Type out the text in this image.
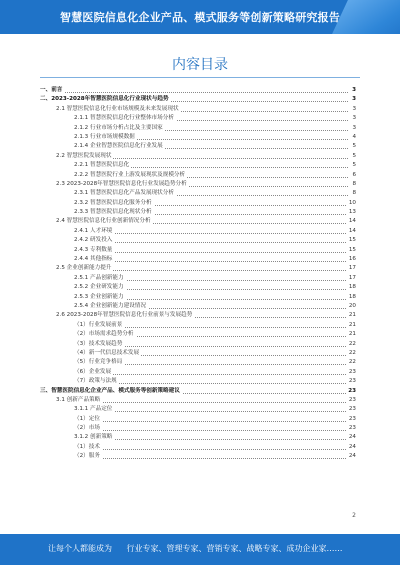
智慧医院信息化企业产品、模式服务等创新策略研究报告
内容目录
一、前言	3
二、2023-2028年智慧医院信息化行业现状与趋势	3
2.1 智慧医院信息化行业市场规模及未来发展现状	3
2.1.1 智慧医院信息化行业整体市场分析	3
2.1.2 行业市场分析占比及主要国家	3
2.1.3 行业市场规模数据	4
2.1.4 企业智慧医院信息化行业发展	5
2.2 智慧医院发展现状	5
2.2.1 智慧医院信息化	5
2.2.2 智慧医院行业上游发展现状及规模分析	6
2.3 2023-2028年智慧医院信息化行业发展趋势分析	8
2.3.1 智慧医院信息化产品发展现状分析	8
2.3.2 智慧医院信息化服务分析	10
2.3.3 智慧医院信息化现状分析	13
2.4 智慧医院信息化行业创新情况分析	14
2.4.1 人才环境	14
2.4.2 研发投入	15
2.4.3 专利数量	15
2.4.4 其他指标	16
2.5 企业创新能力提升	17
2.5.1 产品创新能力	17
2.5.2 企业研发能力	18
2.5.3 企业创新能力	18
2.5.4 企业创新能力建设情况	20
2.6 2023-2028年智慧医院信息化行业前景与发展趋势	21
（1）行业发展前景	21
（2）市场需求趋势分析	21
（3）技术发展趋势	22
（4）新一代信息技术发展	22
（5）行业竞争格局	22
（6）企业发展	23
（7）政策与法规	23
三、智慧医院信息化企业产品、模式服务等创新策略建议	23
3.1 创新产品策略	23
3.1.1 产品定位	23
（1）定位	23
（2）市场	23
3.1.2 创新策略	24
（1）技术	24
（2）服务	24
2
让每个人都能成为 行业专家、管理专家、营销专家、战略专家、成功企业家……
